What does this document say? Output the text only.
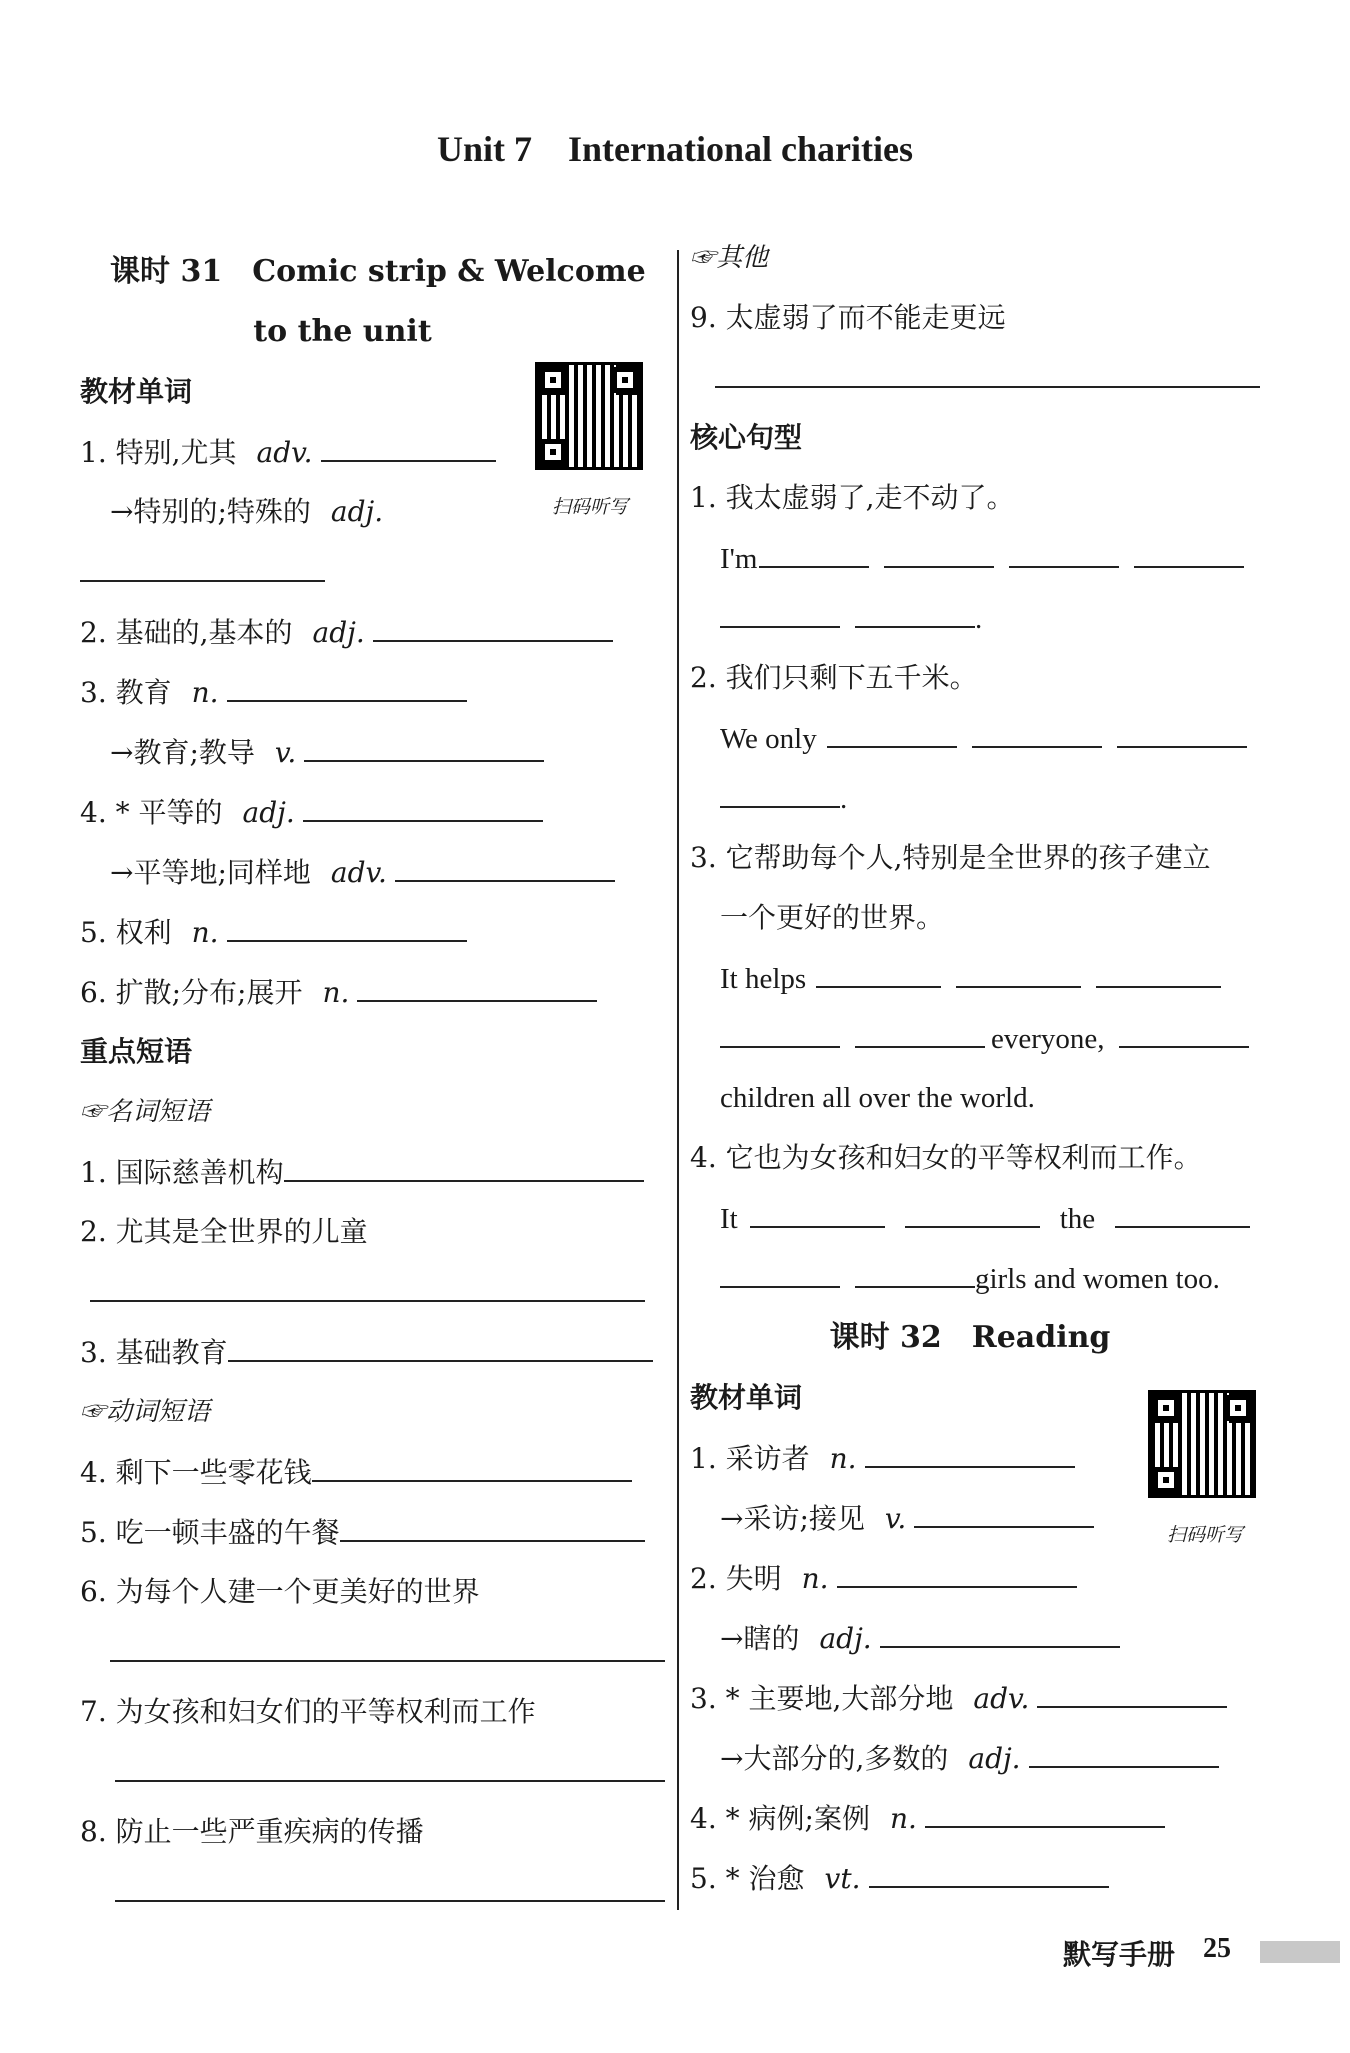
Unit 7 International charities
课时 31　Comic strip & Welcome
to the unit
教材单词
1. 特别,尤其 adv.
→特别的;特殊的 adj.
2. 基础的,基本的 adj.
3. 教育 n.
→教育;教导 v.
4. * 平等的 adj.
→平等地;同样地 adv.
5. 权利 n.
6. 扩散;分布;展开 n.
重点短语
☞名词短语
1. 国际慈善机构
2. 尤其是全世界的儿童
3. 基础教育
☞动词短语
4. 剩下一些零花钱
5. 吃一顿丰盛的午餐
6. 为每个人建一个更美好的世界
7. 为女孩和妇女们的平等权利而工作
8. 防止一些严重疾病的传播
扫码听写
☞其他
9. 太虚弱了而不能走更远
核心句型
1. 我太虚弱了,走不动了。
I'm
.
2. 我们只剩下五千米。
We only
.
3. 它帮助每个人,特别是全世界的孩子建立
一个更好的世界。
It helps
everyone,
children all over the world.
4. 它也为女孩和妇女的平等权利而工作。
It	the
girls and women too.
课时 32　Reading
教材单词
1. 采访者 n.
→采访;接见 v.
2. 失明 n.
→瞎的 adj.
3. * 主要地,大部分地 adv.
→大部分的,多数的 adj.
4. * 病例;案例 n.
5. * 治愈 vt.
扫码听写
默写手册 25
